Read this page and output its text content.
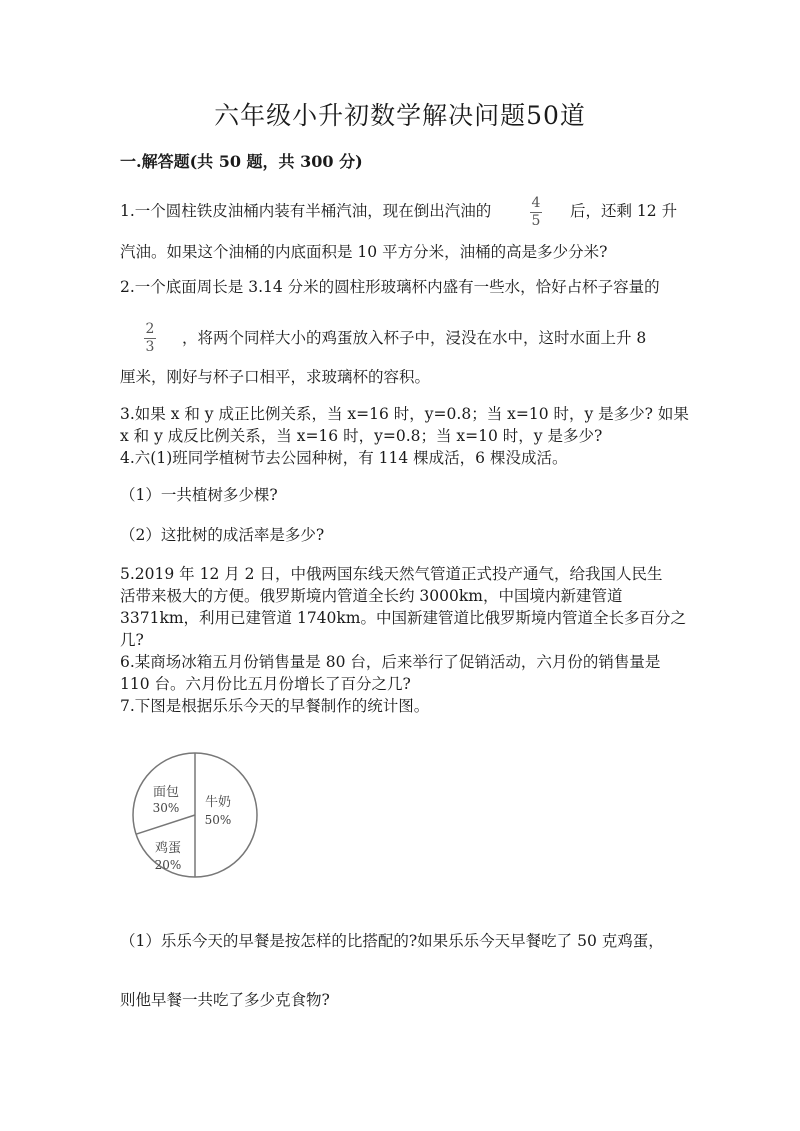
六年级小升初数学解决问题50道
一.解答题(共 50 题，共 300 分)
1.一个圆柱铁皮油桶内装有半桶汽油，现在倒出汽油的	4
5
后，还剩 12 升
汽油。如果这个油桶的内底面积是 10 平方分米，油桶的高是多少分米?
2.一个底面周长是 3.14 分米的圆柱形玻璃杯内盛有一些水，恰好占杯子容量的
2
3 ，将两个同样大小的鸡蛋放入杯子中，浸没在水中，这时水面上升 8
厘米，刚好与杯子口相平，求玻璃杯的容积。
3.如果 x 和 y 成正比例关系，当 x=16 时，y=0.8；当 x=10 时，y 是多少? 如果
x 和 y 成反比例关系，当 x=16 时，y=0.8；当 x=10 时，y 是多少?
4.六(1)班同学植树节去公园种树，有 114 棵成活，6 棵没成活。
（1）一共植树多少棵?
（2）这批树的成活率是多少?
5.2019 年 12 月 2 日，中俄两国东线天然气管道正式投产通气，给我国人民生
活带来极大的方便。俄罗斯境内管道全长约 3000km，中国境内新建管道
3371km，利用已建管道 1740km。中国新建管道比俄罗斯境内管道全长多百分之
几?
6.某商场冰箱五月份销售量是 80 台，后来举行了促销活动，六月份的销售量是
110 台。六月份比五月份增长了百分之几?
7.下图是根据乐乐今天的早餐制作的统计图。
牛奶
50%
鸡蛋
20%
面包
30%
（1）乐乐今天的早餐是按怎样的比搭配的?如果乐乐今天早餐吃了 50 克鸡蛋，
则他早餐一共吃了多少克食物?
